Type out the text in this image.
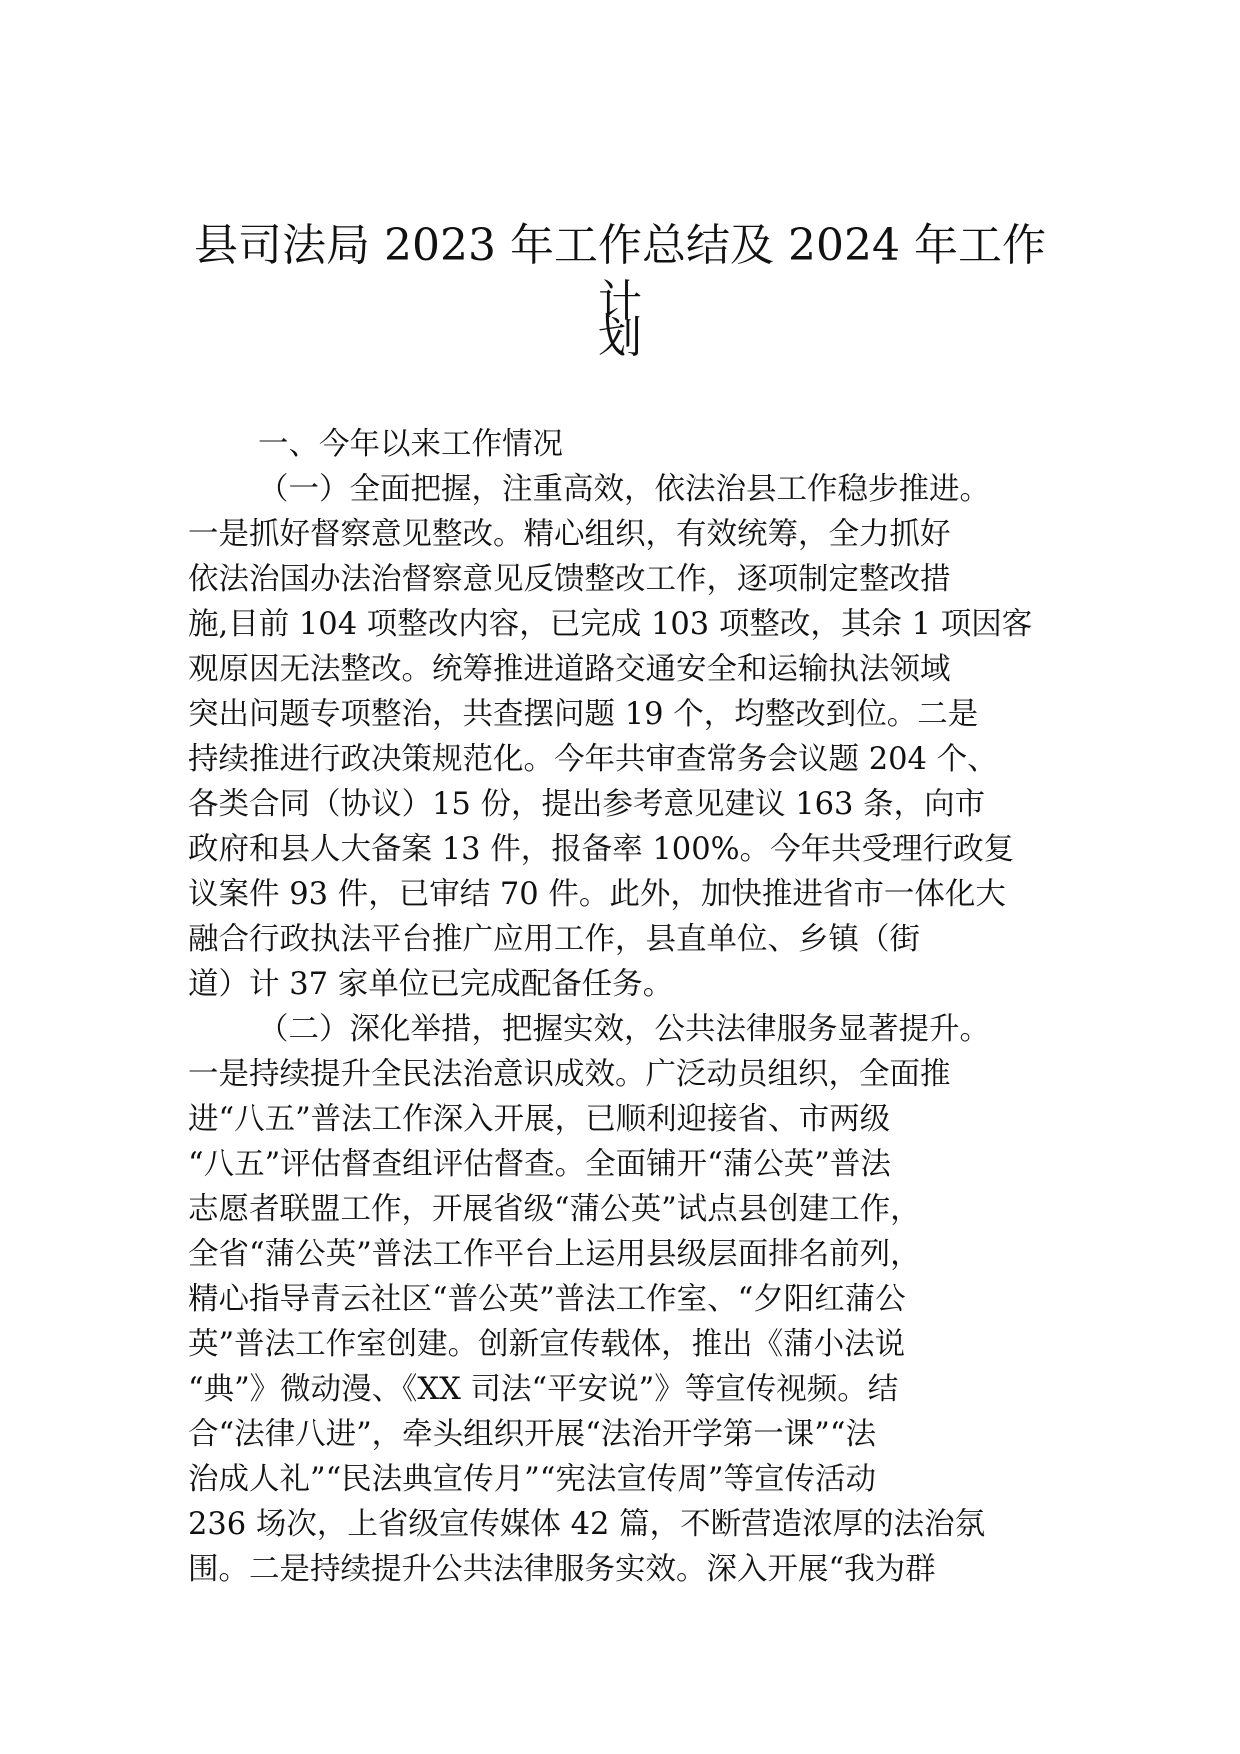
县司法局 2023 年工作总结及 2024 年工作计
划

一、今年以来工作情况

（一）全面把握，注重高效，依法治县工作稳步推进。

一是抓好督察意见整改。精心组织，有效统筹，全力抓好

依法治国办法治督察意见反馈整改工作，逐项制定整改措

施,目前 104 项整改内容，已完成 103 项整改，其余 1 项因客

观原因无法整改。统筹推进道路交通安全和运输执法领域

突出问题专项整治，共查摆问题 19 个，均整改到位。二是

持续推进行政决策规范化。今年共审查常务会议题 204 个、

各类合同（协议）15 份，提出参考意见建议 163 条，向市

政府和县人大备案 13 件，报备率 100%。今年共受理行政复

议案件 93 件，已审结 70 件。此外，加快推进省市一体化大

融合行政执法平台推广应用工作，县直单位、乡镇（街

道）计 37 家单位已完成配备任务。

（二）深化举措，把握实效，公共法律服务显著提升。

一是持续提升全民法治意识成效。广泛动员组织，全面推

进“八五”普法工作深入开展，已顺利迎接省、市两级

“八五”评估督查组评估督查。全面铺开“蒲公英”普法

志愿者联盟工作，开展省级“蒲公英”试点县创建工作，

全省“蒲公英”普法工作平台上运用县级层面排名前列，

精心指导青云社区“普公英”普法工作室、“夕阳红蒲公

英”普法工作室创建。创新宣传载体，推出《蒲小法说

“典”》微动漫、《XX 司法“平安说”》等宣传视频。结

合“法律八进”，牵头组织开展“法治开学第一课”“法

治成人礼”“民法典宣传月”“宪法宣传周”等宣传活动

236 场次，上省级宣传媒体 42 篇，不断营造浓厚的法治氛

围。二是持续提升公共法律服务实效。深入开展“我为群
